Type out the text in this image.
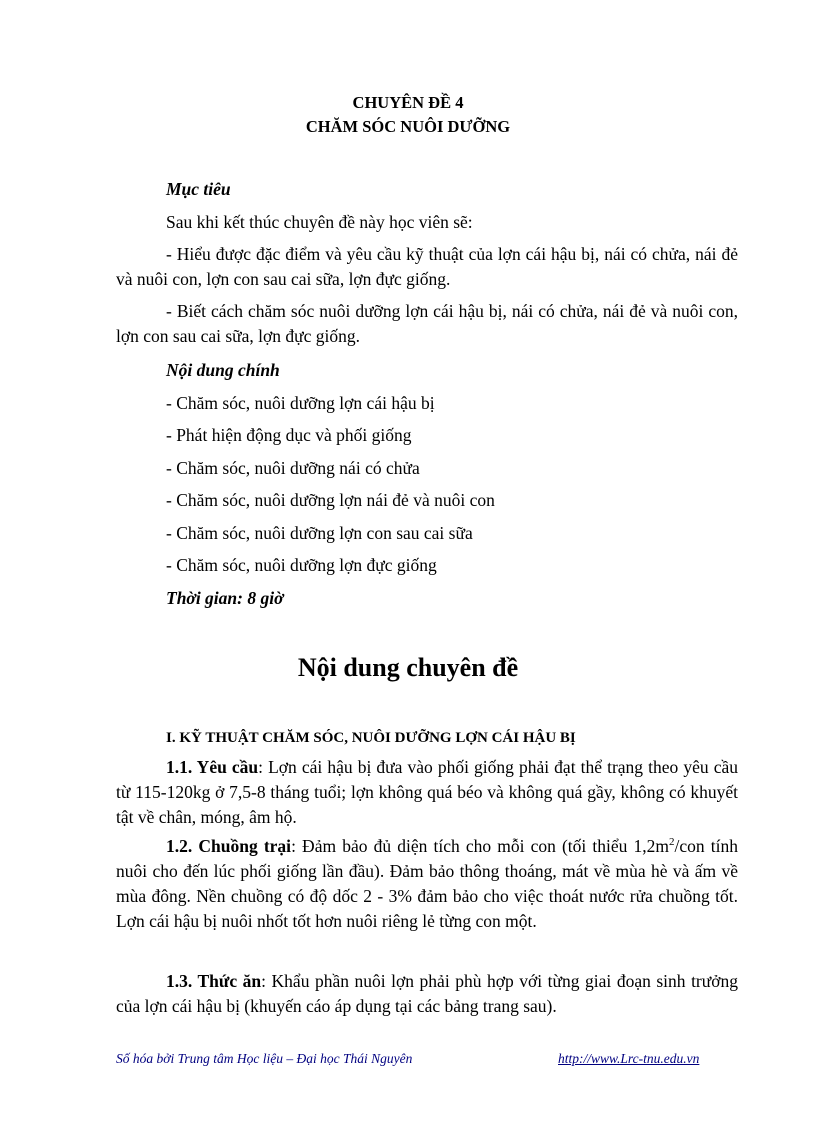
CHUYÊN ĐỀ 4
CHĂM SÓC NUÔI DƯỠNG
Mục tiêu
Sau khi kết thúc chuyên đề này học viên sẽ:
- Hiểu được đặc điểm và yêu cầu kỹ thuật của lợn cái hậu bị, nái có chửa, nái đẻ và nuôi con, lợn con sau cai sữa, lợn đực giống.
- Biết cách chăm sóc nuôi dưỡng lợn cái hậu bị, nái có chửa, nái đẻ và nuôi con, lợn con sau cai sữa, lợn đực giống.
Nội dung chính
- Chăm sóc, nuôi dưỡng lợn cái hậu bị
- Phát hiện động dục và phối giống
- Chăm sóc, nuôi dưỡng nái có chửa
- Chăm sóc, nuôi dưỡng lợn nái đẻ và nuôi con
- Chăm sóc, nuôi dưỡng lợn con sau cai sữa
- Chăm sóc, nuôi dưỡng lợn đực giống
Thời gian: 8 giờ
Nội dung chuyên đề
I. KỸ THUẬT CHĂM SÓC, NUÔI DƯỠNG LỢN CÁI HẬU BỊ
1.1. Yêu cầu: Lợn cái hậu bị đưa vào phối giống phải đạt thể trạng theo yêu cầu từ 115-120kg ở 7,5-8 tháng tuổi; lợn không quá béo và không quá gầy, không có khuyết tật về chân, móng, âm hộ.
1.2. Chuồng trại: Đảm bảo đủ diện tích cho mỗi con (tối thiểu $1,2m^2$/con tính nuôi cho đến lúc phối giống lần đầu). Đảm bảo thông thoáng, mát về mùa hè và ấm về mùa đông. Nền chuồng có độ dốc 2 - 3% đảm bảo cho việc thoát nước rửa chuồng tốt. Lợn cái hậu bị nuôi nhốt tốt hơn nuôi riêng lẻ từng con một.
1.3. Thức ăn: Khẩu phần nuôi lợn phải phù hợp với từng giai đoạn sinh trưởng của lợn cái hậu bị (khuyến cáo áp dụng tại các bảng trang sau).
Số hóa bởi Trung tâm Học liệu – Đại học Thái Nguyên	http://www.Lrc-tnu.edu.vn
